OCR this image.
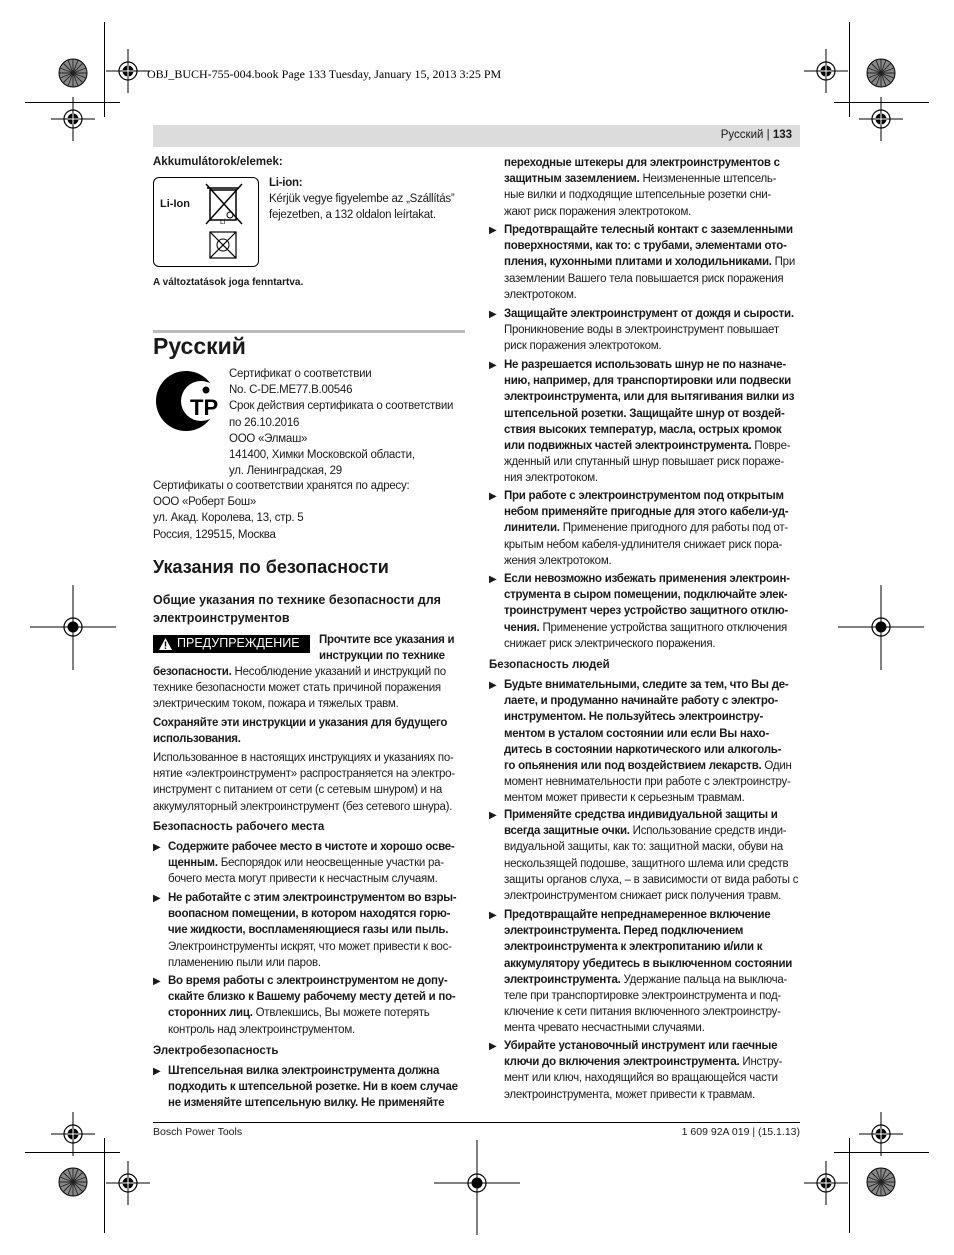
OBJ_BUCH-755-004.book Page 133 Tuesday, January 15, 2013 3:25 PM
Русский | 133
Akkumulátorok/elemek:
Li-Ion
Li
Li-ion:
Kérjük vegye figyelembe az „Szállítás”
fejezetben, a 132 oldalon leírtakat.
A változtatások joga fenntartva.
Русский
ТР
Сертификат о соответствии
No. C-DE.ME77.B.00546
Срок действия сертификата о соответствии
по 26.10.2016
ООО «Элмаш»
141400, Химки Московской области,
ул. Ленинградская, 29
Сертификаты о соответствии хранятся по адресу:
ООО «Роберт Бош»
ул. Акад. Королева, 13, стр. 5
Россия, 129515, Москва
Указания по безопасности
Общие указания по технике безопасности для
электроинструментов
ПРЕДУПРЕЖДЕНИЕ Прочтите все указания и
инструкции по технике
безопасности. Несоблюдение указаний и инструкций по
технике безопасности может стать причиной поражения
электрическим током, пожара и тяжелых травм.
Сохраняйте эти инструкции и указания для будущего
использования.
Использованное в настоящих инструкциях и указаниях по-
нятие «электроинструмент» распространяется на электро-
инструмент с питанием от сети (с сетевым шнуром) и на
аккумуляторный электроинструмент (без сетевого шнура).
Безопасность рабочего места
▶ Содержите рабочее место в чистоте и хорошо осве-
щенным. Беспорядок или неосвещенные участки ра-
бочего места могут привести к несчастным случаям.
▶ Не работайте с этим электроинструментом во взры-
воопасном помещении, в котором находятся горю-
чие жидкости, воспламеняющиеся газы или пыль.
Электроинструменты искрят, что может привести к вос-
пламенению пыли или паров.
▶ Во время работы с электроинструментом не допу-
скайте близко к Вашему рабочему месту детей и по-
сторонних лиц. Отвлекшись, Вы можете потерять
контроль над электроинструментом.
Электробезопасность
▶ Штепсельная вилка электроинструмента должна
подходить к штепсельной розетке. Ни в коем случае
не изменяйте штепсельную вилку. Не применяйте
переходные штекеры для электроинструментов с
защитным заземлением. Неизмененные штепсель-
ные вилки и подходящие штепсельные розетки сни-
жают риск поражения электротоком.
▶ Предотвращайте телесный контакт с заземленными
поверхностями, как то: с трубами, элементами ото-
пления, кухонными плитами и холодильниками. При
заземлении Вашего тела повышается риск поражения
электротоком.
▶ Защищайте электроинструмент от дождя и сырости.
Проникновение воды в электроинструмент повышает
риск поражения электротоком.
▶ Не разрешается использовать шнур не по назначе-
нию, например, для транспортировки или подвески
электроинструмента, или для вытягивания вилки из
штепсельной розетки. Защищайте шнур от воздей-
ствия высоких температур, масла, острых кромок
или подвижных частей электроинструмента. Повре-
жденный или спутанный шнур повышает риск пораже-
ния электротоком.
▶ При работе с электроинструментом под открытым
небом применяйте пригодные для этого кабели-уд-
линители. Применение пригодного для работы под от-
крытым небом кабеля-удлинителя снижает риск пора-
жения электротоком.
▶ Если невозможно избежать применения электроин-
струмента в сыром помещении, подключайте элек-
троинструмент через устройство защитного отклю-
чения. Применение устройства защитного отключения
снижает риск электрического поражения.
Безопасность людей
▶ Будьте внимательными, следите за тем, что Вы де-
лаете, и продуманно начинайте работу с электро-
инструментом. Не пользуйтесь электроинстру-
ментом в усталом состоянии или если Вы нахо-
дитесь в состоянии наркотического или алкоголь-
го опьянения или под воздействием лекарств. Один
момент невнимательности при работе с электроинстру-
ментом может привести к серьезным травмам.
▶ Применяйте средства индивидуальной защиты и
всегда защитные очки. Использование средств инди-
видуальной защиты, как то: защитной маски, обуви на
нескользящей подошве, защитного шлема или средств
защиты органов слуха, – в зависимости от вида работы с
электроинструментом снижает риск получения травм.
▶ Предотвращайте непреднамеренное включение
электроинструмента. Перед подключением
электроинструмента к электропитанию и/или к
аккумулятору убедитесь в выключенном состоянии
электроинструмента. Удержание пальца на выключа-
теле при транспортировке электроинструмента и под-
ключение к сети питания включенного электроинстру-
мента чревато несчастными случаями.
▶ Убирайте установочный инструмент или гаечные
ключи до включения электроинструмента. Инстру-
мент или ключ, находящийся во вращающейся части
электроинструмента, может привести к травмам.
Bosch Power Tools	1 609 92A 019 | (15.1.13)
